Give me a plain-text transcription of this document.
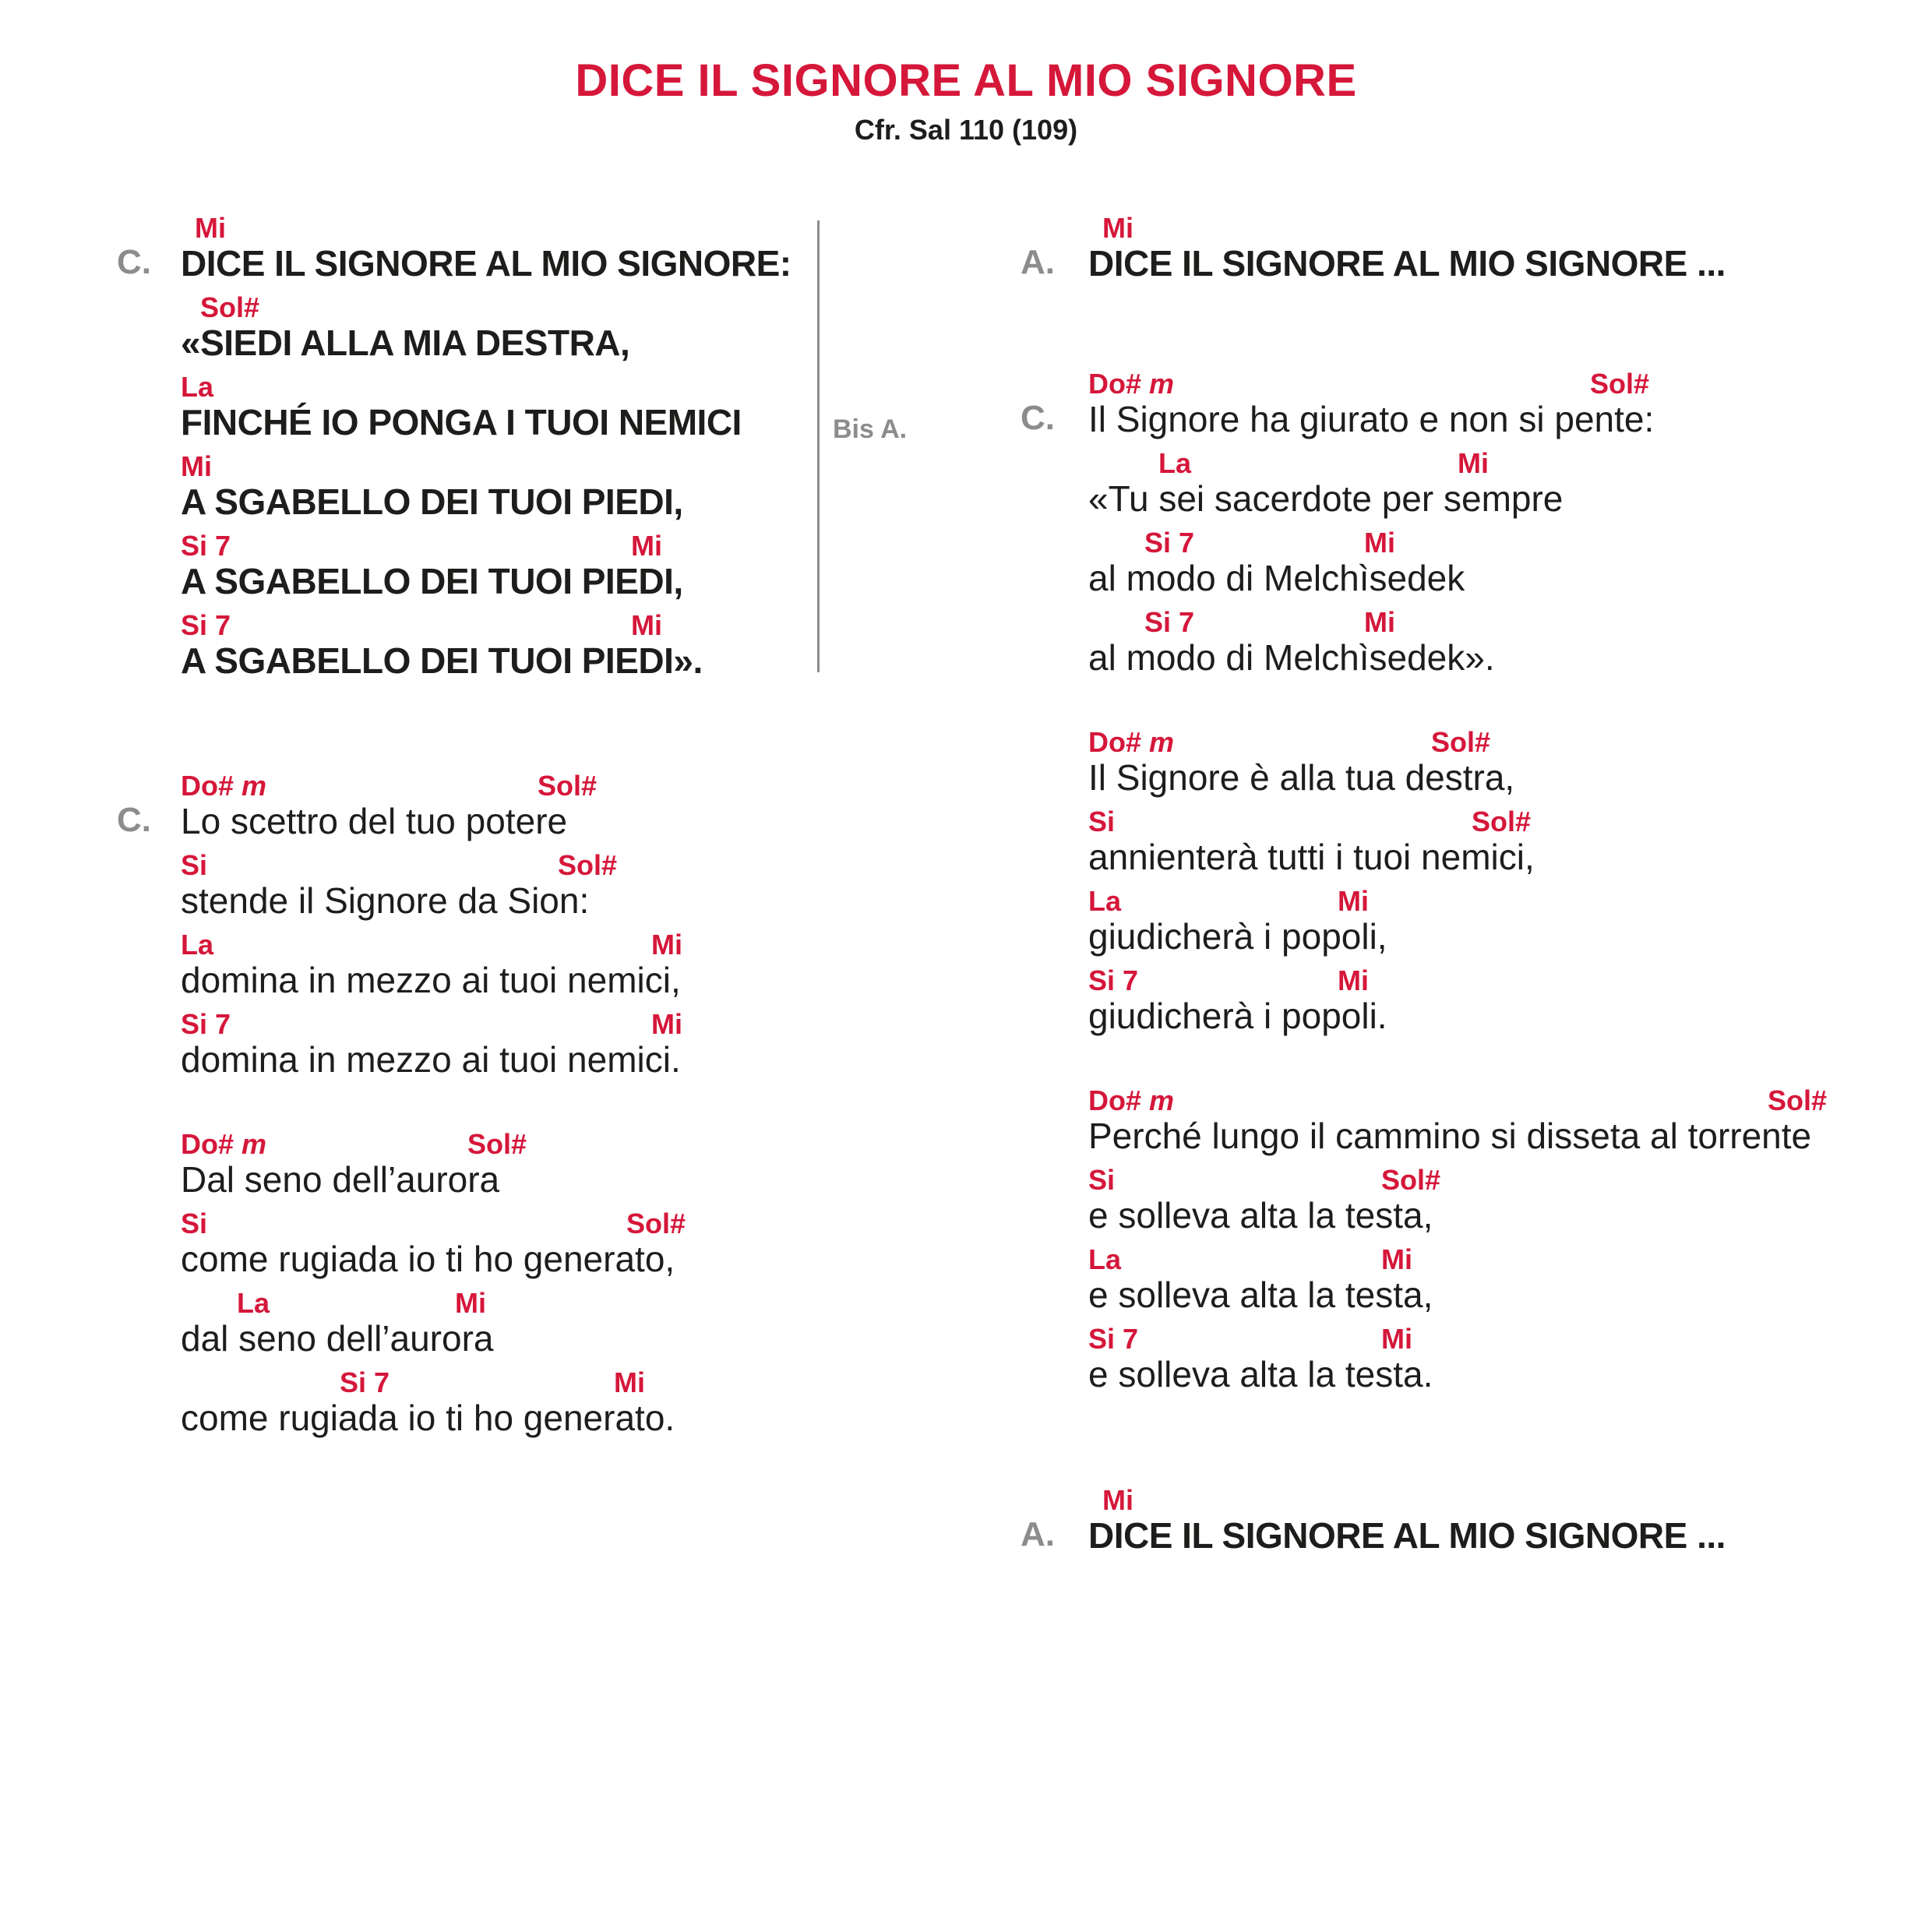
DICE IL SIGNORE AL MIO SIGNORE
Cfr. Sal 110 (109)
Bis A.
C.
C.
A.
C.
A.
Mi
DICE IL SIGNORE AL MIO SIGNORE:
Sol#
«SIEDI ALLA MIA DESTRA,
La
FINCHÉ IO PONGA I TUOI NEMICI
Mi
A SGABELLO DEI TUOI PIEDI,
Si 7	Mi
A SGABELLO DEI TUOI PIEDI,
Si 7	Mi
A SGABELLO DEI TUOI PIEDI».
Do# m	Sol#
Lo scettro del tuo potere
Si	Sol#
stende il Signore da Sion:
La	Mi
domina in mezzo ai tuoi nemici,
Si 7	Mi
domina in mezzo ai tuoi nemici.
Do# m	Sol#
Dal seno dell’aurora
Si	Sol#
come rugiada io ti ho generato,
La	Mi
dal seno dell’aurora
Si 7	Mi
come rugiada io ti ho generato.
Mi
DICE IL SIGNORE AL MIO SIGNORE ...
Do# m	Sol#
Il Signore ha giurato e non si pente:
La	Mi
«Tu sei sacerdote per sempre
Si 7	Mi
al modo di Melchìsedek
Si 7	Mi
al modo di Melchìsedek».
Do# m	Sol#
Il Signore è alla tua destra,
Si	Sol#
annienterà tutti i tuoi nemici,
La	Mi
giudicherà i popoli,
Si 7	Mi
giudicherà i popoli.
Do# m	Sol#
Perché lungo il cammino si disseta al torrente
Si	Sol#
e solleva alta la testa,
La	Mi
e solleva alta la testa,
Si 7	Mi
e solleva alta la testa.
Mi
DICE IL SIGNORE AL MIO SIGNORE ...
